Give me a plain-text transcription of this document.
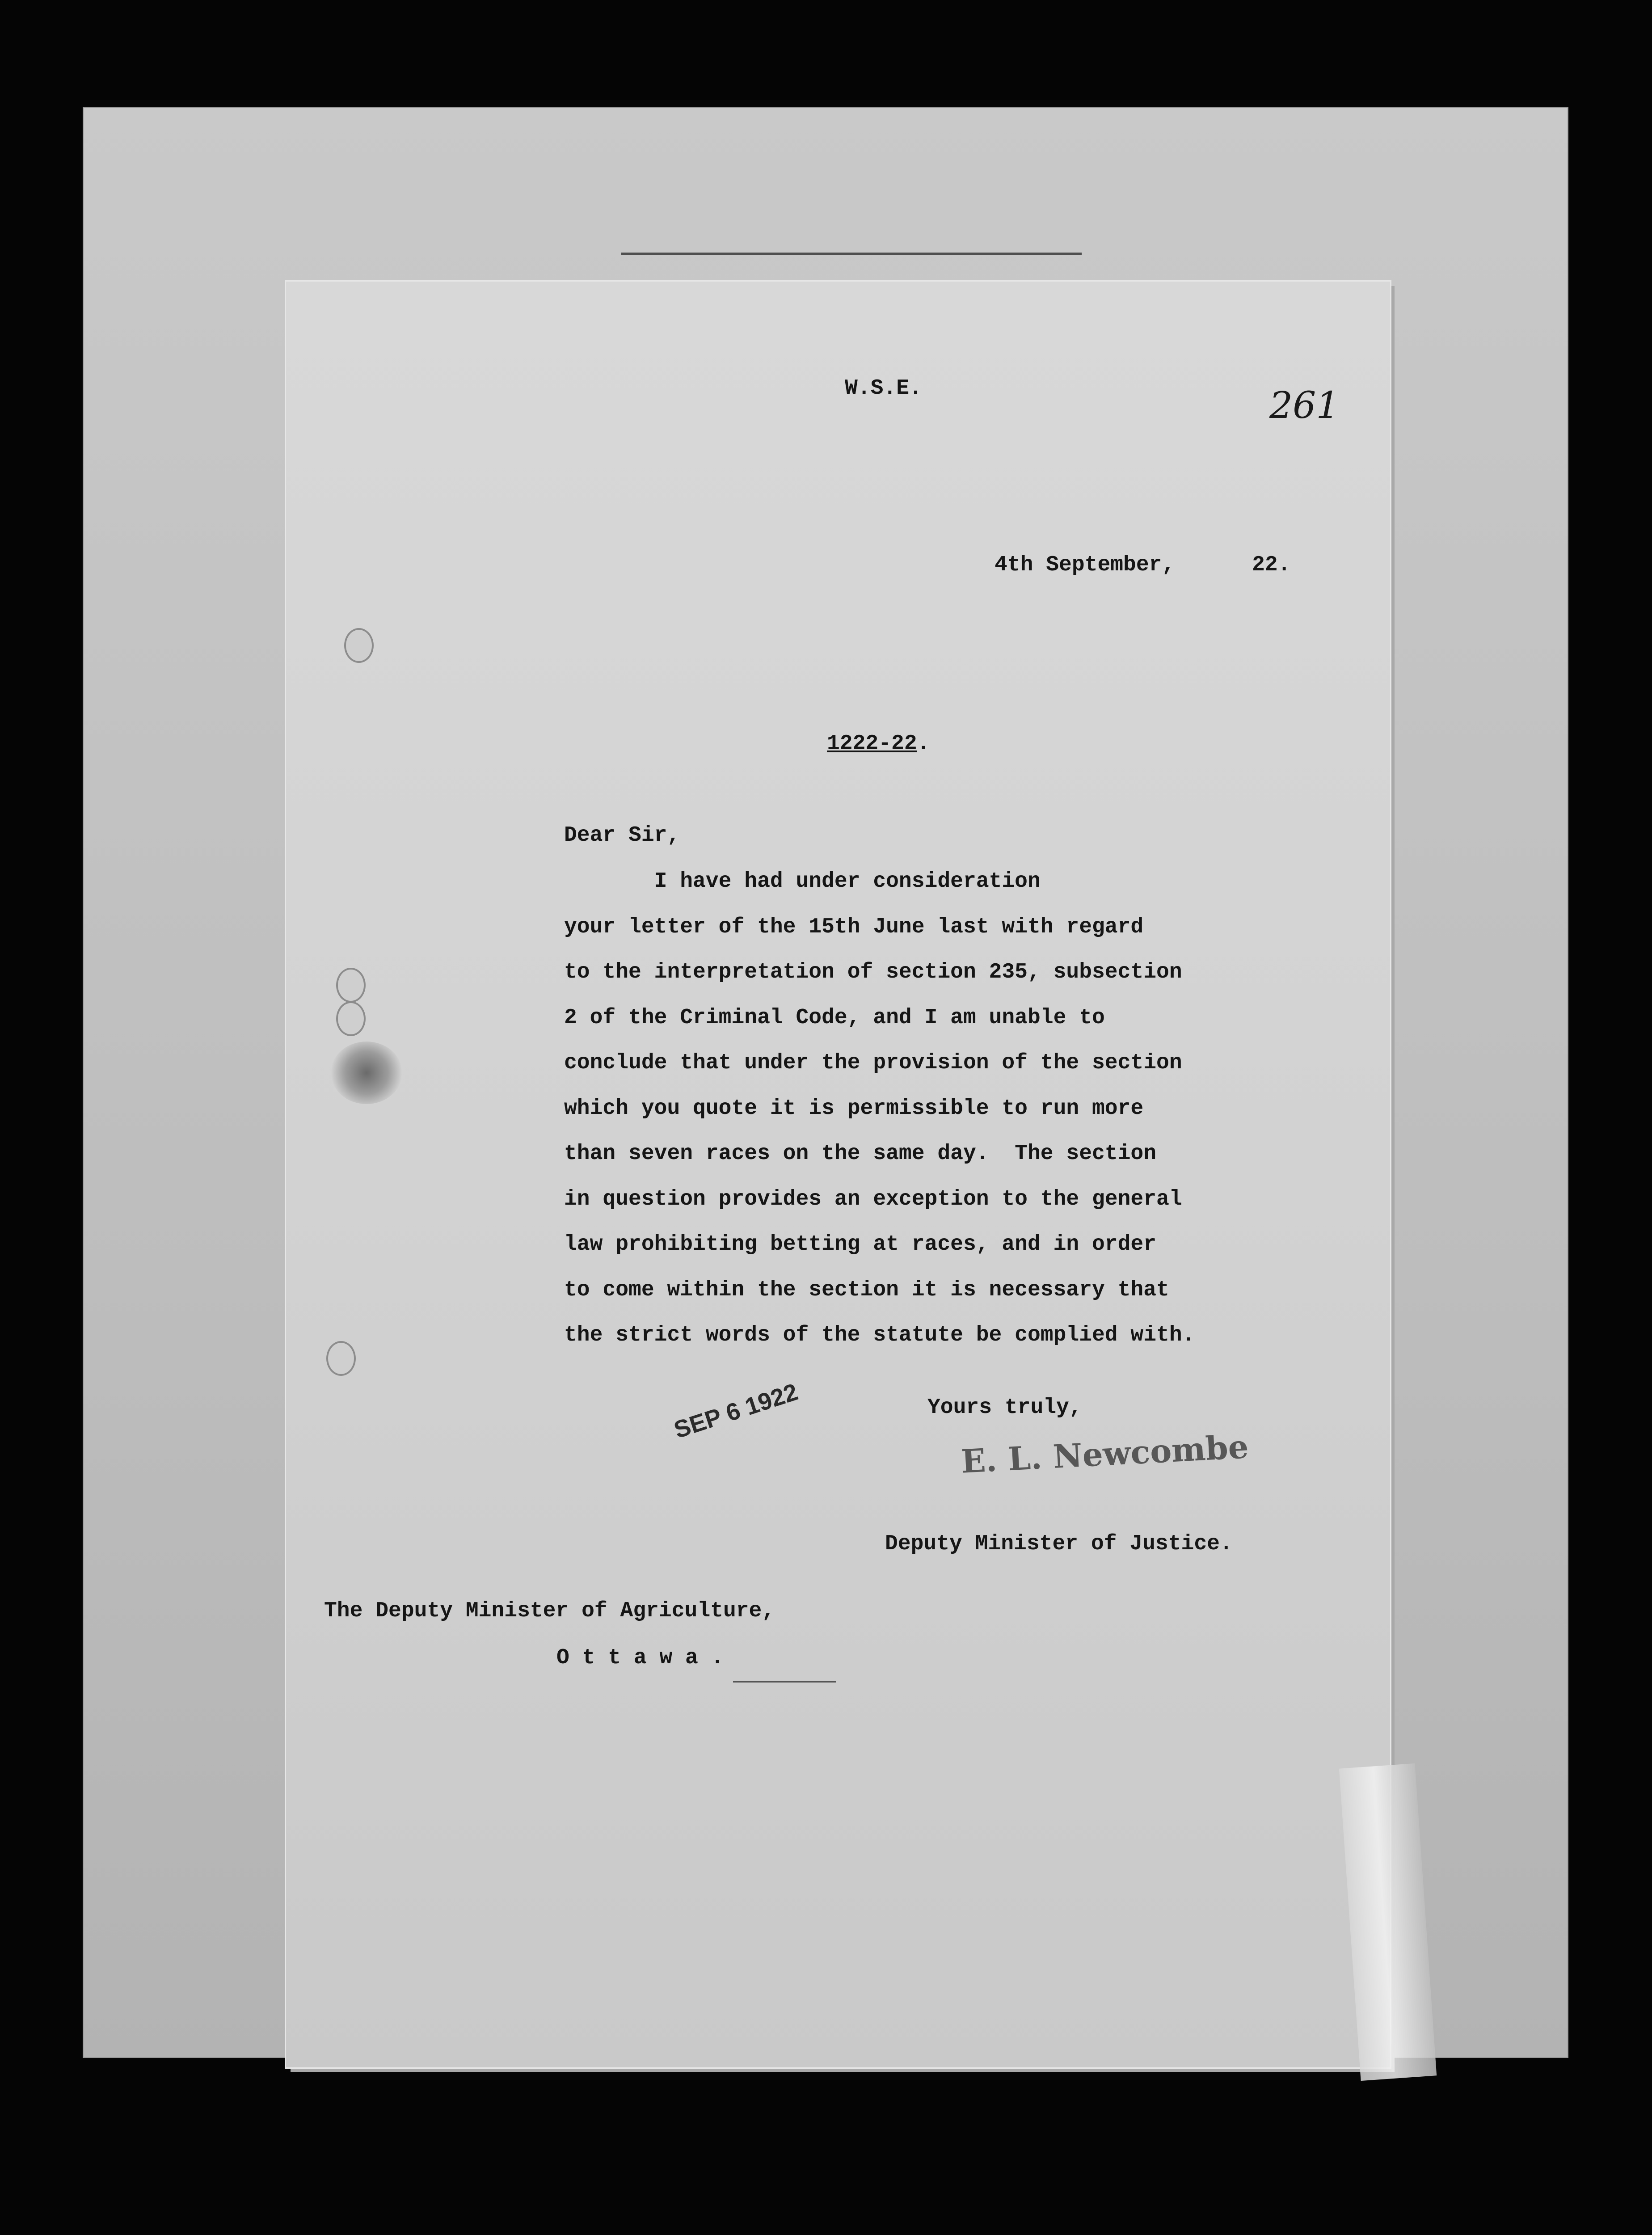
W.S.E.	261
4th September,      22.
1222-22.
Dear Sir,
I have had under consideration
your letter of the 15th June last with regard
to the interpretation of section 235, subsection
2 of the Criminal Code, and I am unable to
conclude that under the provision of the section
which you quote it is permissible to run more
than seven races on the same day.  The section
in question provides an exception to the general
law prohibiting betting at races, and in order
to come within the section it is necessary that
the strict words of the statute be complied with.
Yours truly,
SEP 6 1922
E. L. Newcombe
Deputy Minister of Justice.
The Deputy Minister of Agriculture,
O t t a w a .
